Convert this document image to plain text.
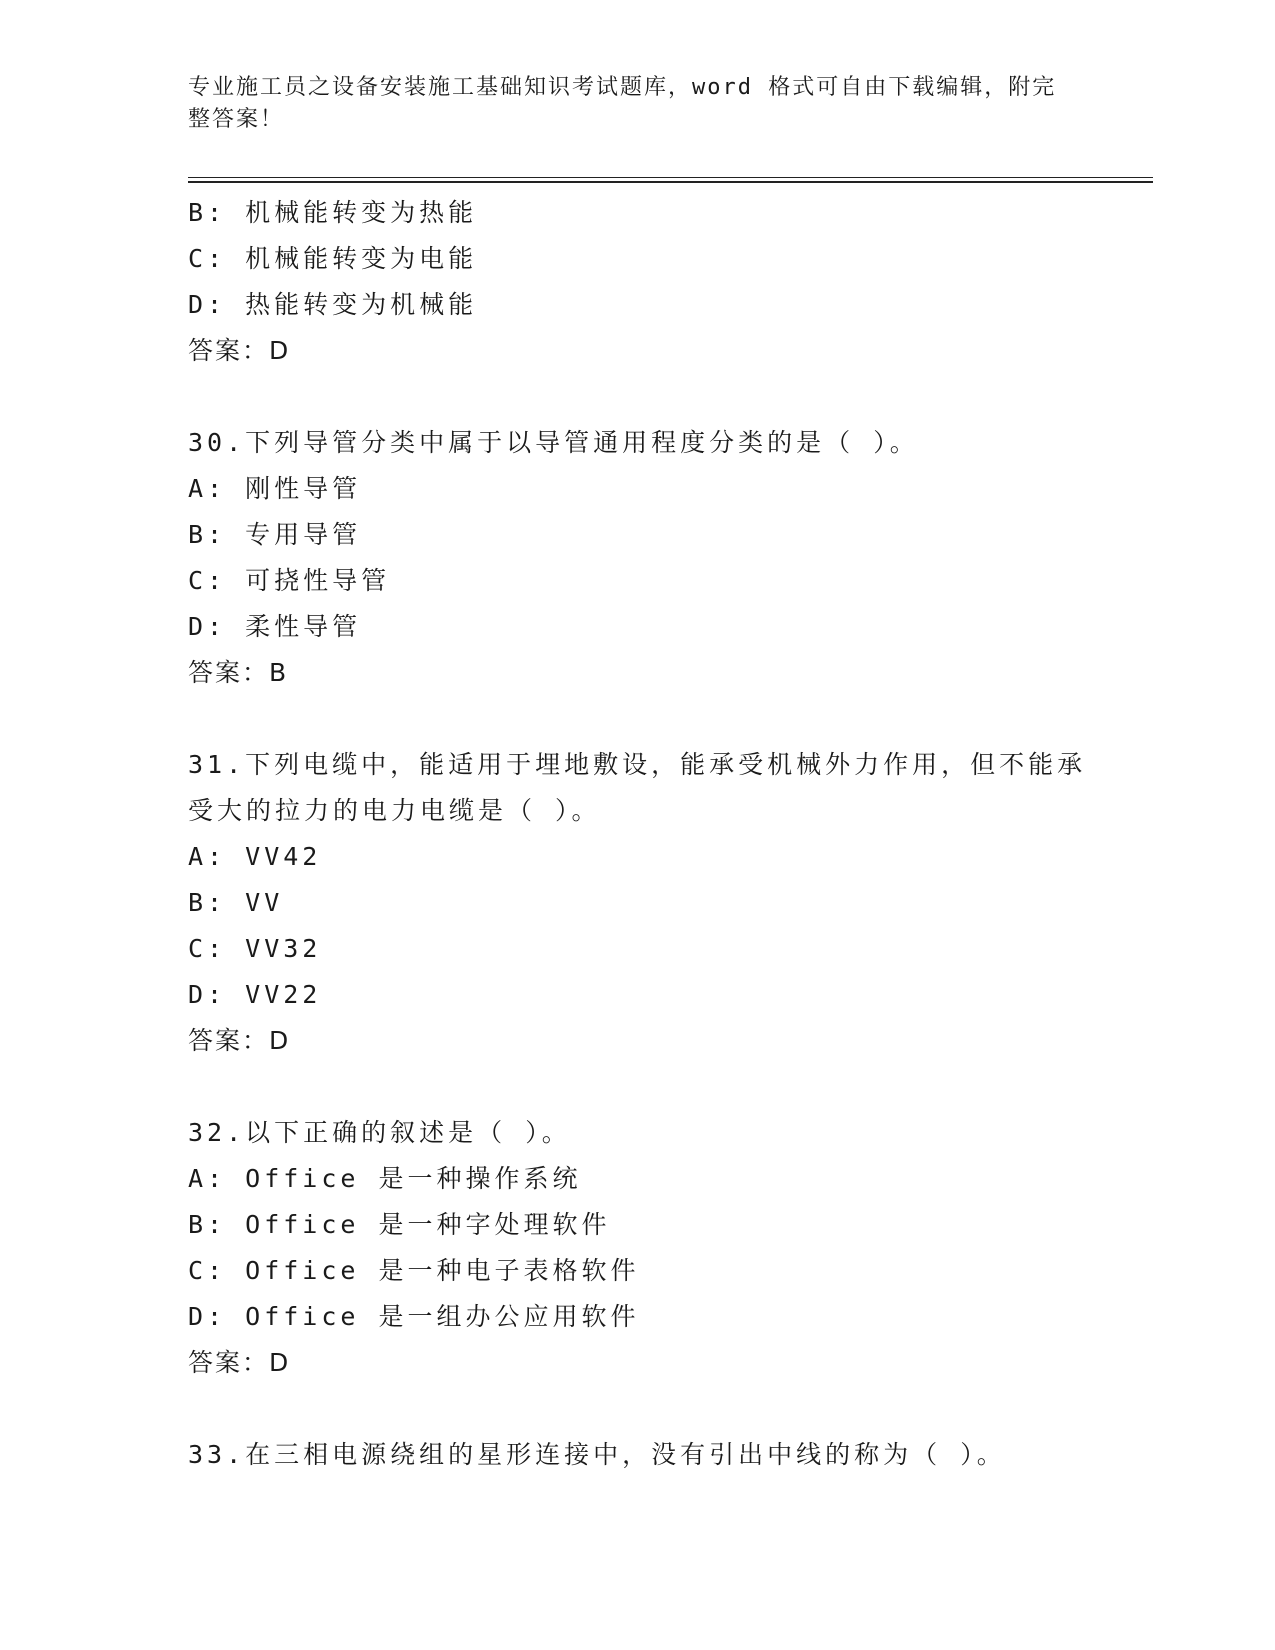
专业施工员之设备安装施工基础知识考试题库，word 格式可自由下载编辑，附完整答案！
B: 机械能转变为热能
C: 机械能转变为电能
D: 热能转变为机械能
答案：D
30.下列导管分类中属于以导管通用程度分类的是（ ）。
A: 刚性导管
B: 专用导管
C: 可挠性导管
D: 柔性导管
答案：B
31.下列电缆中，能适用于埋地敷设，能承受机械外力作用，但不能承
受大的拉力的电力电缆是（ ）。
A: VV42
B: VV
C: VV32
D: VV22
答案：D
32.以下正确的叙述是（ ）。
A: Office 是一种操作系统
B: Office 是一种字处理软件
C: Office 是一种电子表格软件
D: Office 是一组办公应用软件
答案：D
33.在三相电源绕组的星形连接中，没有引出中线的称为（ ）。
